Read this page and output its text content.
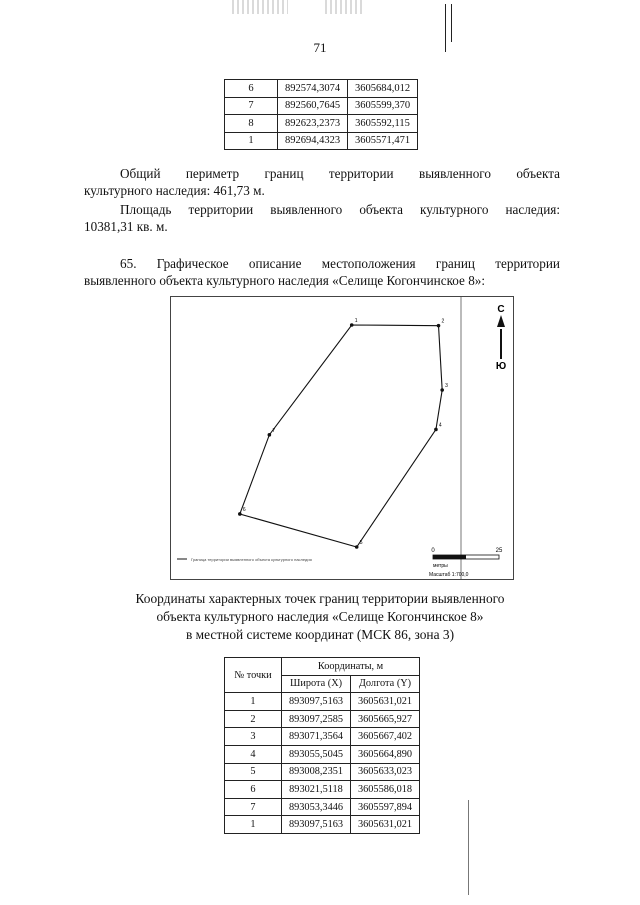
71
6	892574,3074	3605684,012
7	892560,7645	3605599,370
8	892623,2373	3605592,115
1	892694,4323	3605571,471
Общий периметр границ территории выявленного объекта
культурного наследия: 461,73 м.
Площадь территории выявленного объекта культурного наследия:
10381,31 кв. м.
65. Графическое описание местоположения границ территории
выявленного объекта культурного наследия «Селище Когончинское 8»:
1	2
3
4
5
6
7
С
Ю
0	25
метры
Масштаб 1:700,0
Граница территории выявленного объекта культурного наследия
Координаты характерных точек границ территории выявленного
объекта культурного наследия «Селище Когончинское 8»
в местной системе координат (МСК 86, зона 3)
№ точки	Координаты, м	
	Широта (X)	Долгота (Y)
1	893097,5163	3605631,021
2	893097,2585	3605665,927
3	893071,3564	3605667,402
4	893055,5045	3605664,890
5	893008,2351	3605633,023
6	893021,5118	3605586,018
7	893053,3446	3605597,894
1	893097,5163	3605631,021
